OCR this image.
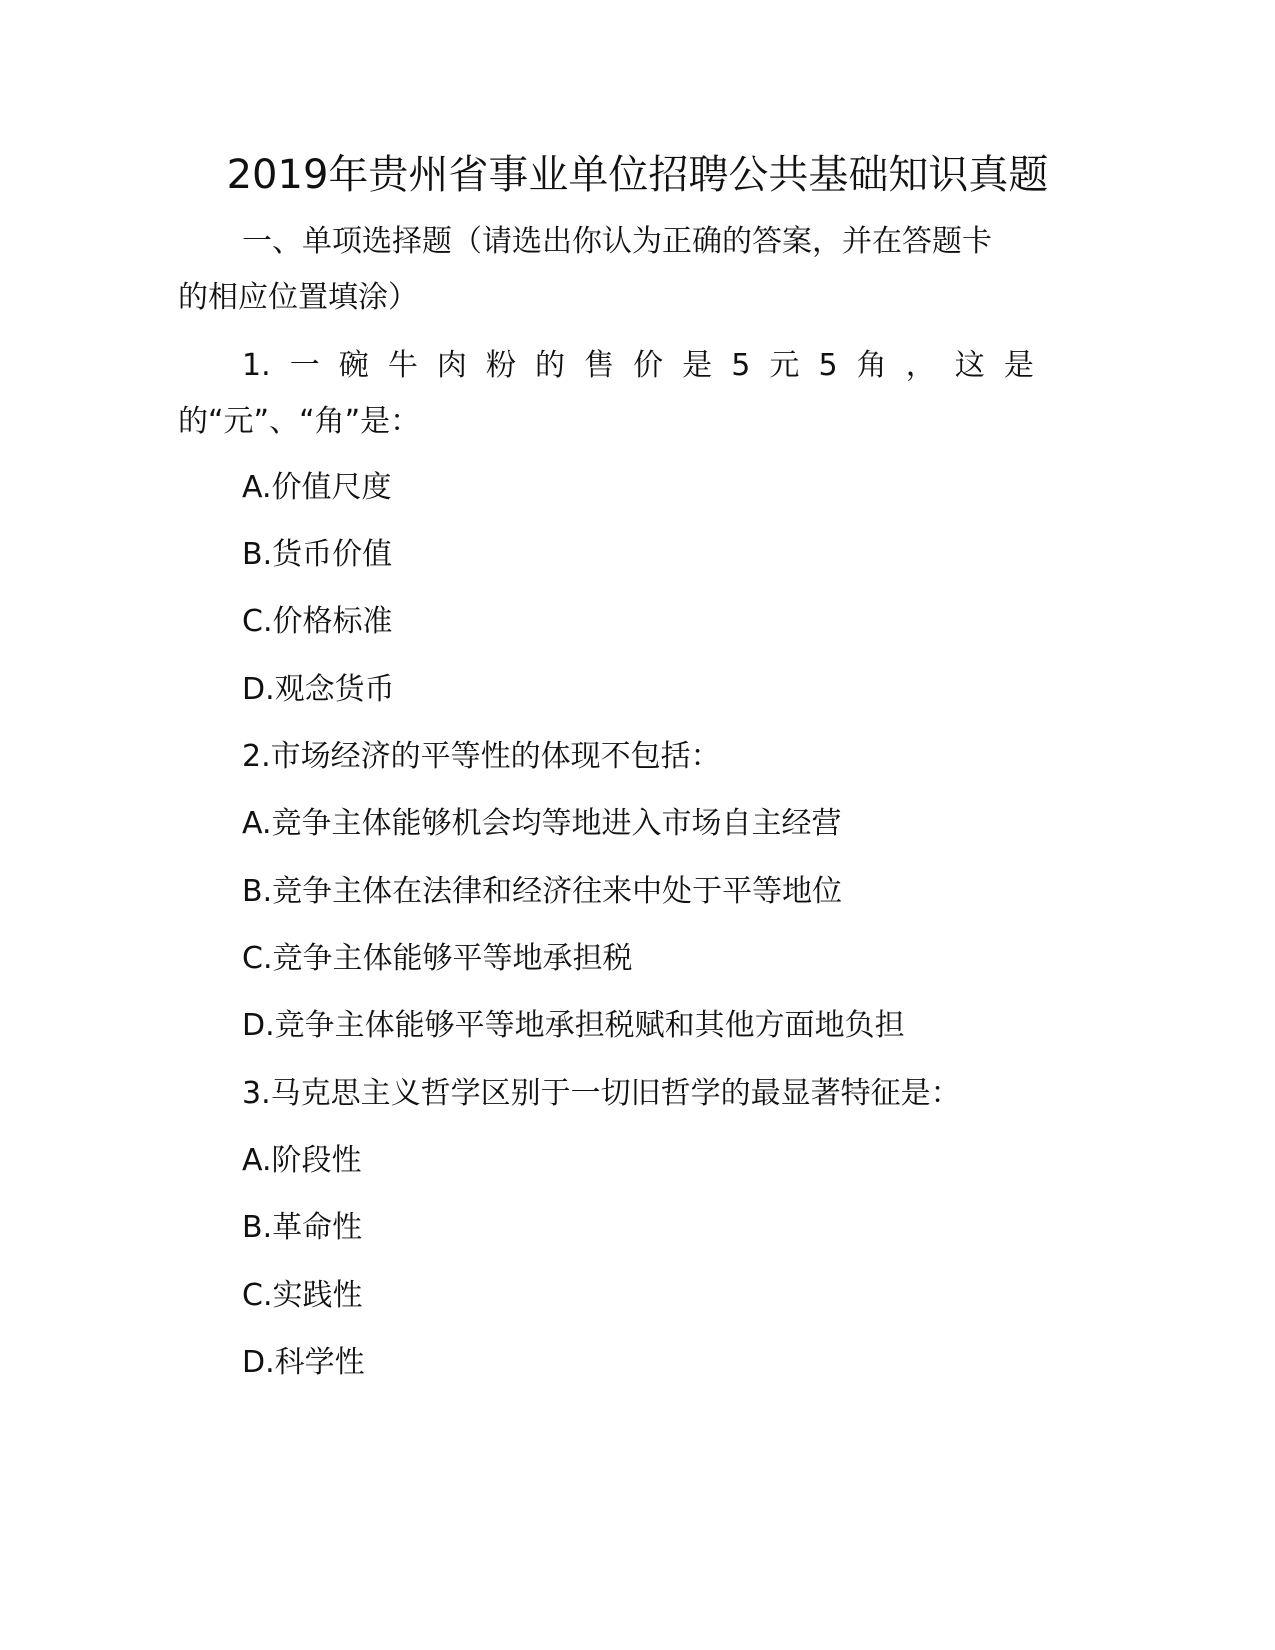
2019年贵州省事业单位招聘公共基础知识真题
一、单项选择题（请选出你认为正确的答案，并在答题卡
的相应位置填涂）
1. 一 碗 牛 肉 粉 的 售 价 是 5 元 5 角 ， 这 是
的“元”、“角”是：
A.价值尺度
B.货币价值
C.价格标准
D.观念货币
2.市场经济的平等性的体现不包括：
A.竞争主体能够机会均等地进入市场自主经营
B.竞争主体在法律和经济往来中处于平等地位
C.竞争主体能够平等地承担税
D.竞争主体能够平等地承担税赋和其他方面地负担
3.马克思主义哲学区别于一切旧哲学的最显著特征是：
A.阶段性
B.革命性
C.实践性
D.科学性
